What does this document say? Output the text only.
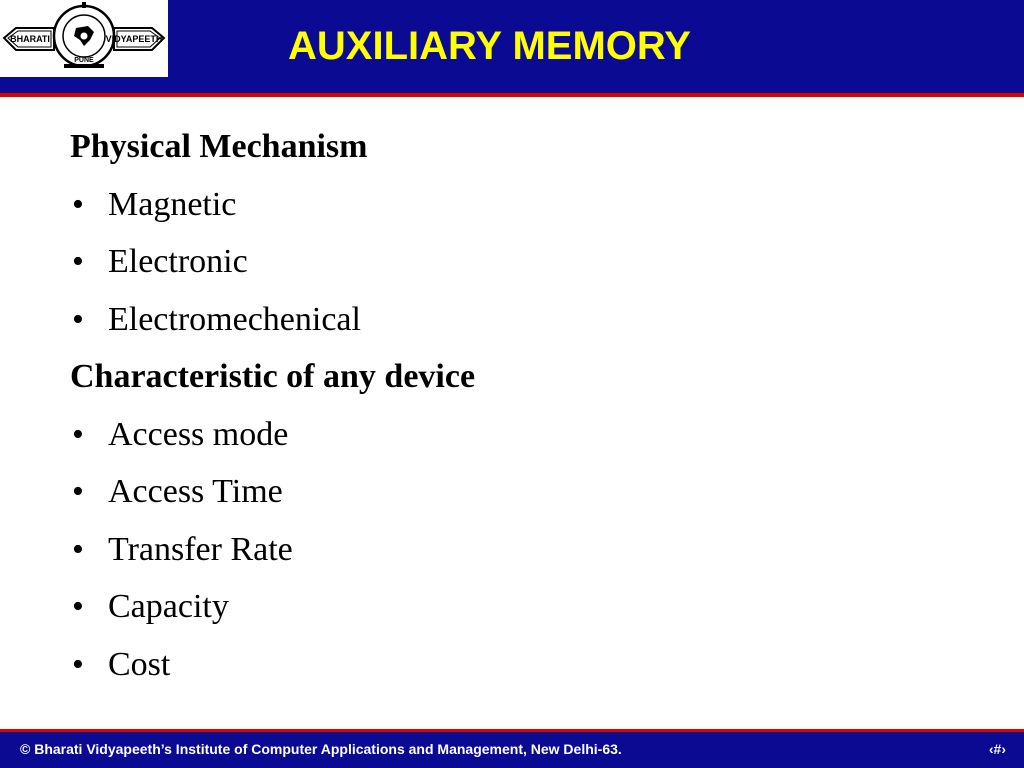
BHARATI	VIDYAPEETH
PUNE	AUXILIARY MEMORY
Physical Mechanism
• Magnetic
• Electronic
• Electromechenical
Characteristic of any device
• Access mode
• Access Time
• Transfer Rate
• Capacity
• Cost
© Bharati Vidyapeeth’s Institute of Computer Applications and Management, New Delhi-63.	‹#›
